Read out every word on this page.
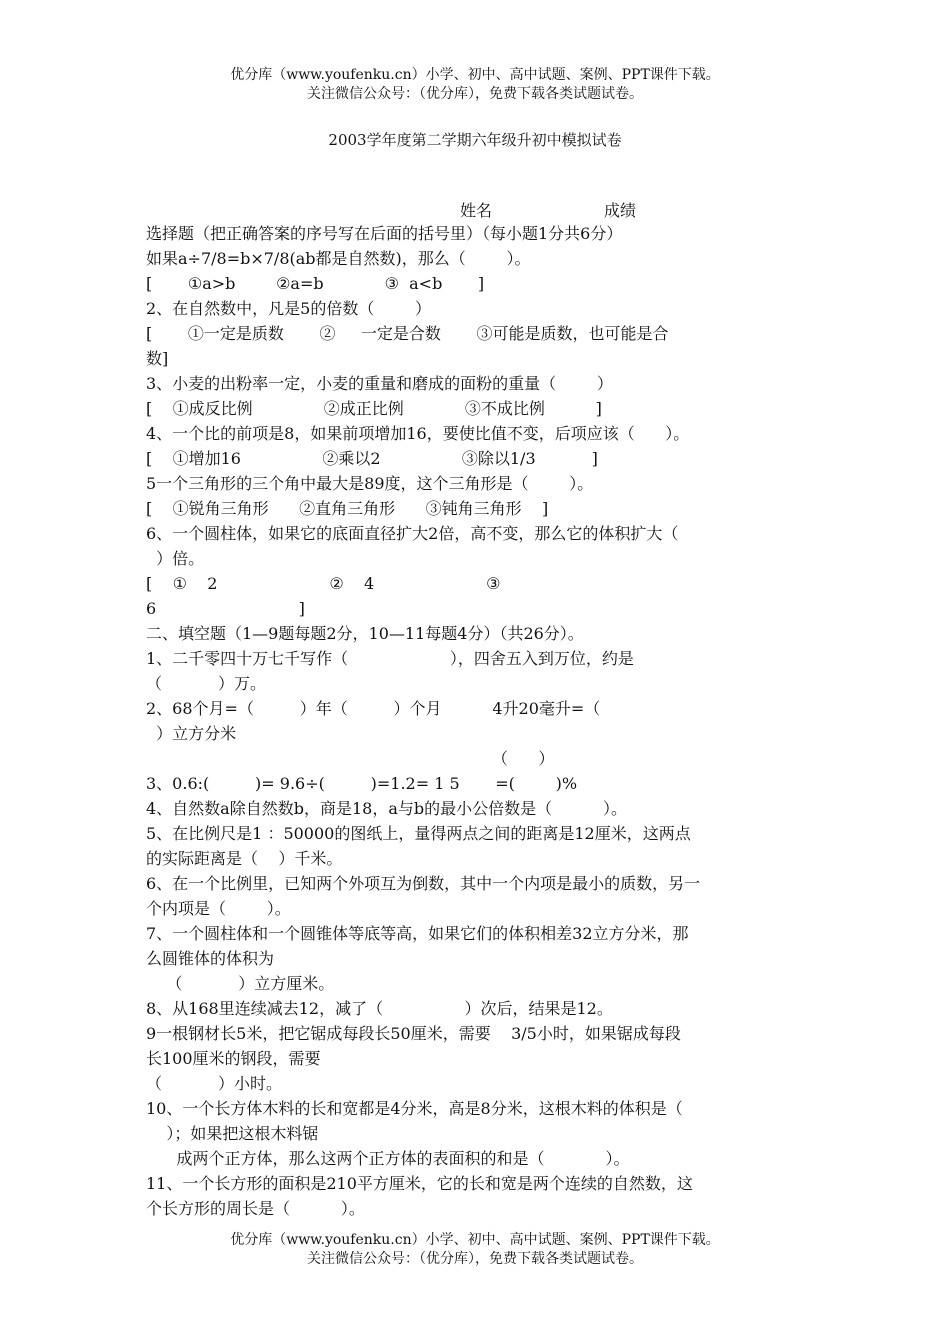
优分库（www.youfenku.cn）小学、初中、高中试题、案例、PPT课件下载。
关注微信公众号：（优分库），免费下载各类试题试卷。
2003学年度第二学期六年级升初中模拟试卷
姓名	成绩
选择题（把正确答案的序号写在后面的括号里）（每小题1分共6分）
如果a÷7/8=b×7/8(ab都是自然数)，那么（        ）。
[       ①a>b        ②a=b            ③  a<b       ]
2、在自然数中，凡是5的倍数（        ）
[       ①一定是质数       ②     一定是合数       ③可能是质数，也可能是合
数]
3、小麦的出粉率一定，小麦的重量和磨成的面粉的重量（        ）
[    ①成反比例              ②成正比例            ③不成比例          ]
4、一个比的前项是8，如果前项增加16，要使比值不变，后项应该（      ）。
[    ①增加16                ②乘以2                ③除以1/3           ]
5一个三角形的三个角中最大是89度，这个三角形是（        ）。
[    ①锐角三角形      ②直角三角形      ③钝角三角形    ]
6、一个圆柱体，如果它的底面直径扩大2倍，高不变，那么它的体积扩大（
）倍。
[    ①    2                      ②    4                      ③
6                            ]
二、填空题（1—9题每题2分，10—11每题4分）（共26分）。
1、二千零四十万七千写作（                    ），四舍五入到万位，约是
（           ）万。
2、68个月=（         ）年（         ）个月          4升20毫升=（
）立方分米
（      ）
3、0.6:(         )= 9.6÷(         )=1.2= 1 5       =(        )%
4、自然数a除自然数b，商是18，a与b的最小公倍数是（          ）。
5、在比例尺是1 ：50000的图纸上，量得两点之间的距离是12厘米，这两点
的实际距离是（    ）千米。
6、在一个比例里，已知两个外项互为倒数，其中一个内项是最小的质数，另一
个内项是（        ）。
7、一个圆柱体和一个圆锥体等底等高，如果它们的体积相差32立方分米，那
么圆锥体的体积为
（           ）立方厘米。
8、从168里连续减去12，减了（                ）次后，结果是12。
9一根钢材长5米，把它锯成每段长50厘米，需要    3/5小时，如果锯成每段
长100厘米的钢段，需要
（           ）小时。
10、一个长方体木料的长和宽都是4分米，高是8分米，这根木料的体积是（
）；如果把这根木料锯
成两个正方体，那么这两个正方体的表面积的和是（            ）。
11、一个长方形的面积是210平方厘米，它的长和宽是两个连续的自然数，这
个长方形的周长是（          ）。
优分库（www.youfenku.cn）小学、初中、高中试题、案例、PPT课件下载。
关注微信公众号：（优分库），免费下载各类试题试卷。
